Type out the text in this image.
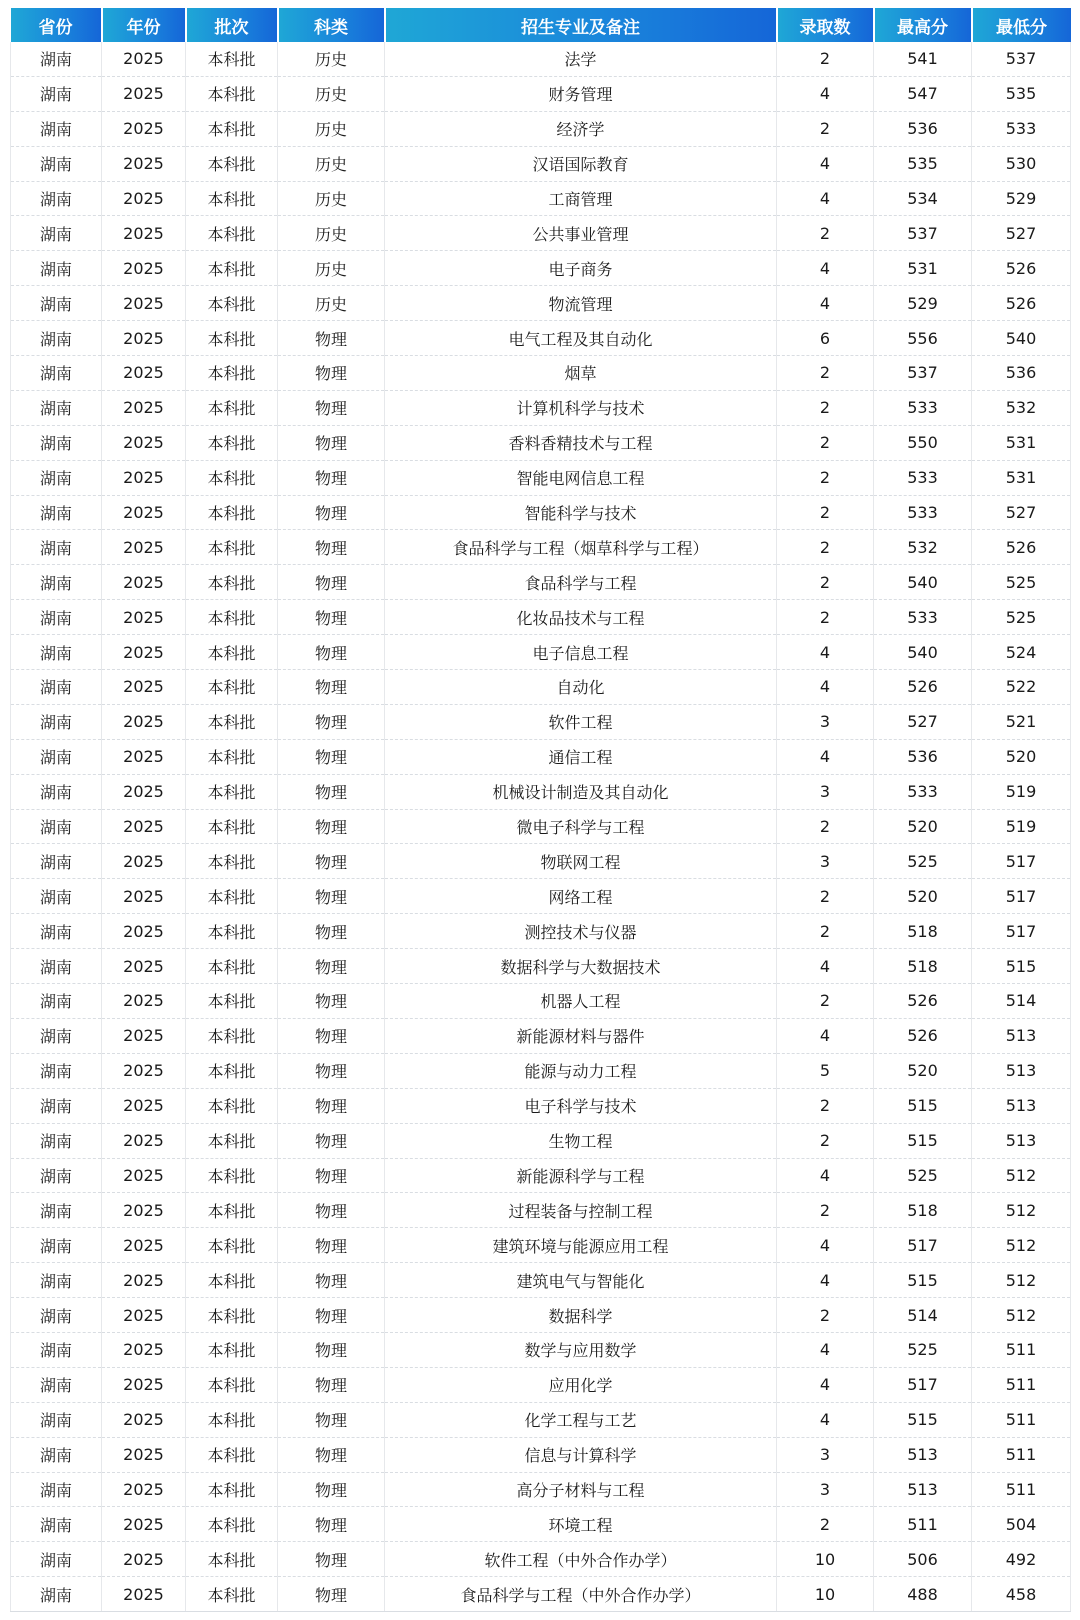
省份	年份	批次	科类	招生专业及备注	录取数	最高分	最低分
湖南	2025	本科批	历史	法学	2	541	537
湖南	2025	本科批	历史	财务管理	4	547	535
湖南	2025	本科批	历史	经济学	2	536	533
湖南	2025	本科批	历史	汉语国际教育	4	535	530
湖南	2025	本科批	历史	工商管理	4	534	529
湖南	2025	本科批	历史	公共事业管理	2	537	527
湖南	2025	本科批	历史	电子商务	4	531	526
湖南	2025	本科批	历史	物流管理	4	529	526
湖南	2025	本科批	物理	电气工程及其自动化	6	556	540
湖南	2025	本科批	物理	烟草	2	537	536
湖南	2025	本科批	物理	计算机科学与技术	2	533	532
湖南	2025	本科批	物理	香料香精技术与工程	2	550	531
湖南	2025	本科批	物理	智能电网信息工程	2	533	531
湖南	2025	本科批	物理	智能科学与技术	2	533	527
湖南	2025	本科批	物理	食品科学与工程（烟草科学与工程）	2	532	526
湖南	2025	本科批	物理	食品科学与工程	2	540	525
湖南	2025	本科批	物理	化妆品技术与工程	2	533	525
湖南	2025	本科批	物理	电子信息工程	4	540	524
湖南	2025	本科批	物理	自动化	4	526	522
湖南	2025	本科批	物理	软件工程	3	527	521
湖南	2025	本科批	物理	通信工程	4	536	520
湖南	2025	本科批	物理	机械设计制造及其自动化	3	533	519
湖南	2025	本科批	物理	微电子科学与工程	2	520	519
湖南	2025	本科批	物理	物联网工程	3	525	517
湖南	2025	本科批	物理	网络工程	2	520	517
湖南	2025	本科批	物理	测控技术与仪器	2	518	517
湖南	2025	本科批	物理	数据科学与大数据技术	4	518	515
湖南	2025	本科批	物理	机器人工程	2	526	514
湖南	2025	本科批	物理	新能源材料与器件	4	526	513
湖南	2025	本科批	物理	能源与动力工程	5	520	513
湖南	2025	本科批	物理	电子科学与技术	2	515	513
湖南	2025	本科批	物理	生物工程	2	515	513
湖南	2025	本科批	物理	新能源科学与工程	4	525	512
湖南	2025	本科批	物理	过程装备与控制工程	2	518	512
湖南	2025	本科批	物理	建筑环境与能源应用工程	4	517	512
湖南	2025	本科批	物理	建筑电气与智能化	4	515	512
湖南	2025	本科批	物理	数据科学	2	514	512
湖南	2025	本科批	物理	数学与应用数学	4	525	511
湖南	2025	本科批	物理	应用化学	4	517	511
湖南	2025	本科批	物理	化学工程与工艺	4	515	511
湖南	2025	本科批	物理	信息与计算科学	3	513	511
湖南	2025	本科批	物理	高分子材料与工程	3	513	511
湖南	2025	本科批	物理	环境工程	2	511	504
湖南	2025	本科批	物理	软件工程（中外合作办学）	10	506	492
湖南	2025	本科批	物理	食品科学与工程（中外合作办学）	10	488	458
